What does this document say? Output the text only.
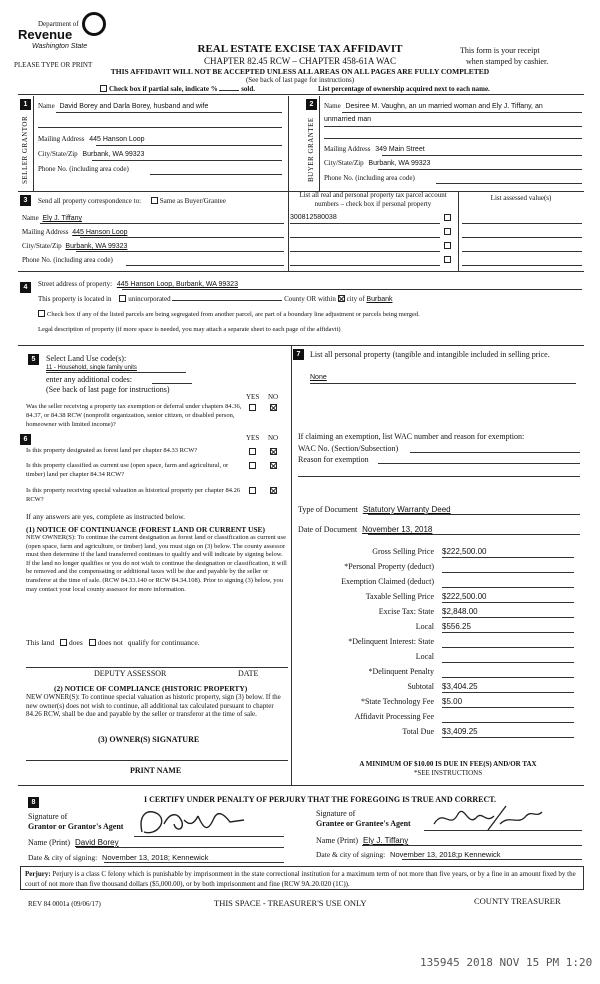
Department of
Revenue
Washington State
PLEASE TYPE OR PRINT
REAL ESTATE EXCISE TAX AFFIDAVIT
CHAPTER 82.45 RCW – CHAPTER 458-61A WAC
This form is your receipt
when stamped by cashier.
THIS AFFIDAVIT WILL NOT BE ACCEPTED UNLESS ALL AREAS ON ALL PAGES ARE FULLY COMPLETED
(See back of last page for instructions)
Check box if partial sale, indicate %	sold.	List percentage of ownership acquired next to each name.
1
SELLER GRANTOR
Name David Borey and Darla Borey, husband and wife
Mailing Address 445 Hanson Loop
City/State/Zip Burbank, WA 99323
Phone No. (including area code)
2
BUYER GRANTEE
Name Desiree M. Vaughn, an un married woman and Ely J. Tiffany, an
unmarried man
Mailing Address 349 Main Street
City/State/Zip Burbank, WA 99323
Phone No. (including area code)
3	Send all property correspondence to:	Same as Buyer/Grantee
Name Ely J. Tiffany
Mailing Address 445 Hanson Loop
City/State/Zip Burbank, WA 99323
Phone No. (including area code)
List all real and personal property tax parcel account
numbers – check box if personal property
List assessed value(s)
300812580038
4	Street address of property: 445 Hanson Loop, Burbank, WA 99323
This property is located in unincorporated	County OR within city of Burbank
Check box if any of the listed parcels are being segregated from another parcel, are part of a boundary line adjustment or parcels being merged.
Legal description of property (if more space is needed, you may attach a separate sheet to each page of the affidavit)
5	Select Land Use code(s):
11 - Household, single family units
enter any additional codes:
(See back of last page for instructions)
YES NO
Was the seller receiving a property tax exemption or deferral under chapters 84.36, 84.37, or 84.38 RCW (nonprofit organization, senior citizen, or disabled person, homeowner with limited income)?
6	YES NO
Is this property designated as forest land per chapter 84.33 RCW?
Is this property classified as current use (open space, farm and agricultural, or timber) land per chapter 84.34 RCW?
Is this property receiving special valuation as historical property per chapter 84.26 RCW?
If any answers are yes, complete as instructed below.
(1) NOTICE OF CONTINUANCE (FOREST LAND OR CURRENT USE)
NEW OWNER(S): To continue the current designation as forest land or classification as current use (open space, farm and agriculture, or timber) land, you must sign on (3) below. The county assessor must then determine if the land transferred continues to qualify and will indicate by signing below. If the land no longer qualifies or you do not wish to continue the designation or classification, it will be removed and the compensating or additional taxes will be due and payable by the seller or transferor at the time of sale. (RCW 84.33.140 or RCW 84.34.108). Prior to signing (3) below, you may contact your local county assessor for more information.
This land does does not qualify for continuance.
DEPUTY ASSESSOR	DATE
(2) NOTICE OF COMPLIANCE (HISTORIC PROPERTY)
NEW OWNER(S): To continue special valuation as historic property, sign (3) below. If the new owner(s) does not wish to continue, all additional tax calculated pursuant to chapter 84.26 RCW, shall be due and payable by the seller or transferor at the time of sale.
(3) OWNER(S) SIGNATURE
PRINT NAME
7	List all personal property (tangible and intangible included in selling price.
None
If claiming an exemption, list WAC number and reason for exemption:
WAC No. (Section/Subsection)
Reason for exemption
Type of Document Statutory Warranty Deed
Date of Document November 13, 2018
Gross Selling Price $222,500.00
*Personal Property (deduct)
Exemption Claimed (deduct)
Taxable Selling Price $222,500.00
Excise Tax: State $2,848.00
Local $556.25
*Delinquent Interest: State
Local
*Delinquent Penalty
Subtotal $3,404.25
*State Technology Fee $5.00
Affidavit Processing Fee
Total Due $3,409.25
A MINIMUM OF $10.00 IS DUE IN FEE(S) AND/OR TAX
*SEE INSTRUCTIONS
8	I CERTIFY UNDER PENALTY OF PERJURY THAT THE FOREGOING IS TRUE AND CORRECT.
Signature of
Grantor or Grantor's Agent
Name (Print) David Borey
Date & city of signing: November 13, 2018; Kennewick
Signature of
Grantee or Grantee's Agent
Name (Print) Ely J. Tiffany
Date & city of signing: November 13, 2018;p Kennewick
Perjury: Perjury is a class C felony which is punishable by imprisonment in the state correctional institution for a maximum term of not more than five years, or by a fine in an amount fixed by the court of not more than five thousand dollars ($5,000.00), or by both imprisonment and fine (RCW 9A.20.020 (1C)).
REV 84 0001a (09/06/17)	THIS SPACE - TREASURER'S USE ONLY	COUNTY TREASURER
135945 2018 NOV 15 PM 1:20
